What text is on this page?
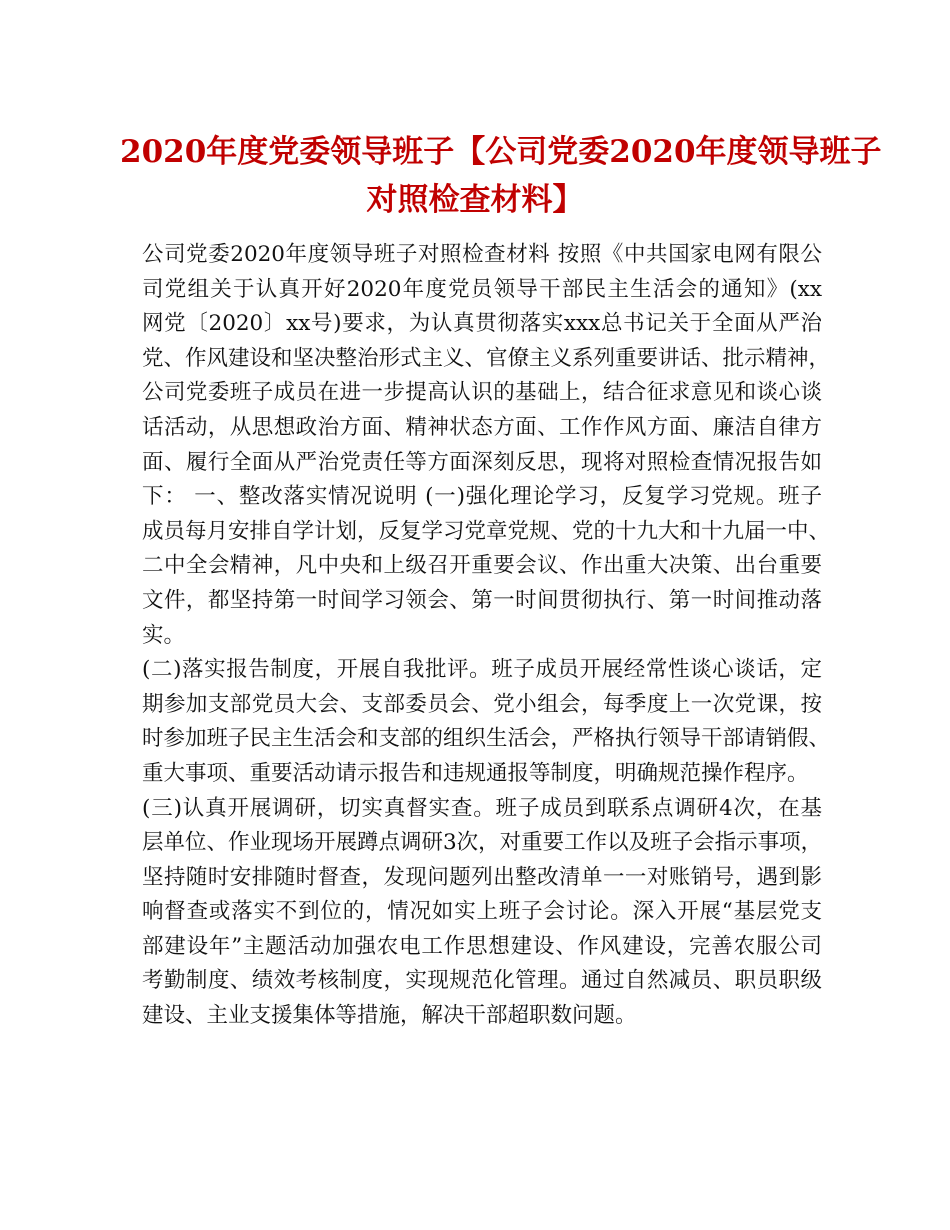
2020年度党委领导班子【公司党委2020年度领导班子
对照检查材料】
公司党委2020年度领导班子对照检查材料 按照《中共国家电网有限公
司党组关于认真开好2020年度党员领导干部民主生活会的通知》(xx
网党〔2020〕xx号)要求，为认真贯彻落实xxx总书记关于全面从严治
党、作风建设和坚决整治形式主义、官僚主义系列重要讲话、批示精神，
公司党委班子成员在进一步提高认识的基础上，结合征求意见和谈心谈
话活动，从思想政治方面、精神状态方面、工作作风方面、廉洁自律方
面、履行全面从严治党责任等方面深刻反思，现将对照检查情况报告如
下： 一、整改落实情况说明 (一)强化理论学习，反复学习党规。班子
成员每月安排自学计划，反复学习党章党规、党的十九大和十九届一中、
二中全会精神，凡中央和上级召开重要会议、作出重大决策、出台重要
文件，都坚持第一时间学习领会、第一时间贯彻执行、第一时间推动落
实。
(二)落实报告制度，开展自我批评。班子成员开展经常性谈心谈话，定
期参加支部党员大会、支部委员会、党小组会，每季度上一次党课，按
时参加班子民主生活会和支部的组织生活会，严格执行领导干部请销假、
重大事项、重要活动请示报告和违规通报等制度，明确规范操作程序。
(三)认真开展调研，切实真督实查。班子成员到联系点调研4次，在基
层单位、作业现场开展蹲点调研3次，对重要工作以及班子会指示事项，
坚持随时安排随时督查，发现问题列出整改清单一一对账销号，遇到影
响督查或落实不到位的，情况如实上班子会讨论。深入开展“基层党支
部建设年”主题活动加强农电工作思想建设、作风建设，完善农服公司
考勤制度、绩效考核制度，实现规范化管理。通过自然减员、职员职级
建设、主业支援集体等措施，解决干部超职数问题。
